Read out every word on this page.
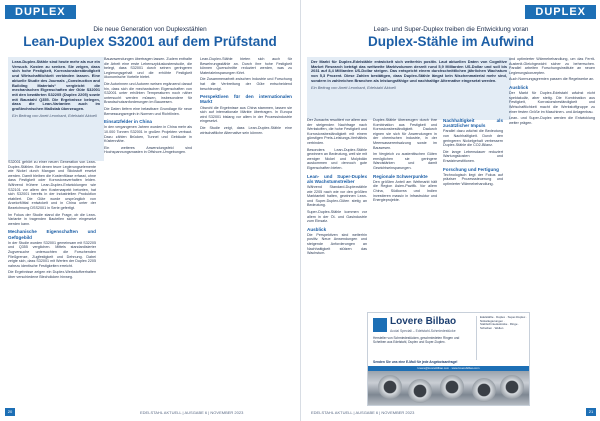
DUPLEX
Die neue Generation von Duplexstählen
Lean-Duplex S32001 auf dem Prüfstand
Lean-Duplex-Stähle sind heute mehr als nur ein Versuch. Kosten zu senken. Sie zeigen, dass sich hohe Festigkeit, Korrosionsbeständigkeit und Wirtschaftlichkeit verbinden lassen. Eine aktuelle Studie des Journals „Construction and Building Materials“ vergleicht die mechanischen Eigenschaften der Güte S32001 mit den bewährten S32205 (Duplex 2205) sowie mit Baustahl Q355. Die Ergebnisse belegen, dass die Lean-Varianten auch im großtechnischen Maßstab überzeugen.
Ein Beitrag von Anett Leonhard, Edelstahl Aktuell

S32001 gehört zu einer neuen Generation von Lean-Duplex-Stählen. Bei denen teure Legierungselemente wie Nickel durch Mangan und Stickstoff ersetzt werden. Damit bleiben die Kostenflüsse erfasst, ohne dass Festigkeit oder Korrosionsverhalten leiden. Während frühere Lean-Duplex-Entwicklungen wie S32101 vor allem den Kostenaspekt betonten, hat sich S32001 bereits in der industriellen Produktion etabliert. Die Güte wurde ursprünglich von ArcelorMittal entwickelt und in China unter der Bezeichnung DSS2001 in Serie gefertigt.

Im Fokus der Studie stand die Frage, ob die Lean-Variante in tragenden Bauteilen sicher eingesetzt werden kann.

Mechanische Eigenschaften und Gefügebild

In der Studie wurden S32001 gemeinsam mit S32205 und Q355 verglichen. Mittels standardisierter Zugversuche untersuchten die Forschenden Fließgrenze, Zugfestigkeit und Dehnung. Dabei zeigte sich, dass S32001 mit Werten der Duplex 2205 nahezu identische Festigkeiten erreicht.

Die Ergebnisse zeigen ein Duplex-Werkstoffverhalten über verschiedene Blechdicken hinweg.

Bauanwendungen übertragen lassen. Zudem enthalte die Arbeit eine erste Lebenszykluskostenstudie, die belegt, dass S32001 durch seinen geringeren Legierungsgehalt und die erhöhte Festigkeit ökonomische Vorteile bietet.

Die Autorinnen und Autoren weisen ergänzend darauf hin, dass sich die mechanischen Eigenschaften von S32001 unter erhöhten Temperaturen noch näher untersucht werden müssen, insbesondere für Brandschutzanforderungen im Bauwesen.

Die Daten liefern eine belastbare Grundlage für neue Bemessungsregeln in Normen und Richtlinien.

Einsatzfelder in China

In den vergangenen Jahren wurden in China mehr als 10.000 Tonnen S32001 in großen Projekten verbaut. Dazu zählen Brücken, Tunnel und Gebäude in Küstennähe.

Ein weiteres Anwendungsfeld sind Hochspannungsmasten in Offshore-Umgebungen.

Lean-Duplex-Stähle bieten sich auch für Bewehrungsstähle an. Durch ihre hohe Festigkeit können Querschnitte reduziert werden, was zu Materialeinsparungen führt.

Die Zusammenarbeit zwischen Industrie und Forschung hat die Verbreitung der Güte entscheidend beschleunigt.

Perspektiven für den internationalen Markt

Obwohl die Ergebnisse aus China stammen, lassen sie sich auf internationale Märkte übertragen. In Europa wird S32001 bislang vor allem in der Prozessindustrie eingesetzt.

Die Studie zeigt, dass Lean-Duplex-Stähle eine wirtschaftliche Alternative sein können.

20	EDELSTAHL AKTUELL | AUSGABE 6 | NOVEMBER 2023
DUPLEX
Lean- und Super-Duplex treiben die Entwicklung voran
Duplex-Stähle im Aufwind
Der Markt für Duplex-Edelstähle entwickelt sich weiterhin positiv. Laut aktuellen Daten von Cognitive Market Research beträgt das weltweite Marktvolumen derzeit rund 5,9 Milliarden US-Dollar und soll bis 2031 auf 8,4 Milliarden US-Dollar steigen. Das entspricht einem durchschnittlichen jährlichen Wachstum von 5,3 Prozent. Diese Zahlen bestätigen, dass Duplex-Stähle längst kein Nischenmaterial mehr sind, sondern in zahlreichen Branchen als leistungsfähige und nachhaltige Alternative eingesetzt werden.
Ein Beitrag von Anett Leonhard, Edelstahl Aktuell

Der Zuwachs resultiert vor allem aus der steigenden Nachfrage nach Werkstoffen, die hohe Festigkeit und Korrosionsbeständigkeit mit einem günstigen Preis-Leistungs-Verhältnis verbinden.

Besonders Lean-Duplex-Stähle gewinnen an Bedeutung, weil sie mit weniger Nickel und Molybdän auskommen und dennoch gute Eigenschaften bieten.

Lean- und Super-Duplex als Wachstumstreiber

Während Standard-Duplexstähle wie 2205 nach wie vor den größten Marktanteil halten, gewinnen Lean- und Super-Duplex-Güten stetig an Bedeutung.

Super-Duplex-Stähle kommen vor allem in der Öl- und Gasindustrie zum Einsatz.

Ausblick

Die Perspektiven sind weiterhin positiv. Neue Anwendungen und steigende Anforderungen an Nachhaltigkeit stützen das Wachstum.

Duplex-Stähle überzeugen durch ihre Kombination aus Festigkeit und Korrosionsbeständigkeit. Dadurch eignen sie sich für Anwendungen in der chemischen Industrie, in der Meerwasserentsalzung sowie im Bauwesen.

Im Vergleich zu austenitischen Güten ermöglichen sie geringere Wandstärken und damit Gewichtseinsparungen.

Regionale Schwerpunkte

Den größten Anteil am Weltmarkt hält die Region Asien-Pazifik. Vor allem China, Südkorea und Indien investieren massiv in Infrastruktur und Energieprojekte.

Nachhaltigkeit als zusätzlicher Impuls

Parallel dazu wächst die Bedeutung von Nachhaltigkeit. Durch den geringeren Nickelgehalt verbessern Duplex-Stähle die CO2-Bilanz.

Die lange Lebensdauer reduziert Wartungskosten und Ersatzinvestitionen.

Forschung und Fertigung

Technologisch liegt der Fokus auf präziser Prozesssteuerung und optimierter Wärmebehandlung.

und optimierter Wärmebehandlung, um das Ferrit-Austenit-Gleichgewicht sicher zu beherrschen. Parallel arbeiten Forschungsinstitute an neuen Legierungskonzepten.

Auch Normungsgremien passen die Regelwerke an.

Ausblick

Der Markt für Duplex-Edelstahl wächst nicht spektakulär, aber stetig. Die Kombination aus Festigkeit, Korrosionsbeständigkeit und Wirtschaftlichkeit macht die Werkstoffgruppe zu einer festen Größe im Maschinen- und Anlagenbau.

Lean- und Super-Duplex werden die Entwicklung weiter prägen.

Lovere Bilbao
Acciai Speciali – Edelstahl-Schmiedestücke
Hersteller von Schmiedestücken, geschmiedeten Ringen und Scheiben aus Edelstahl, Duplex und Super-Duplex.
Senden Sie uns eine E-Mail für jede Angebotsanfrage!
Edelstähle · Duplex · Super-Duplex · Nickellegierungen · Stahlschmiedestücke · Ringe · Scheiben · Wellen
lovere@loverebilbao.com · www.loverebilbao.com
EDELSTAHL AKTUELL | AUSGABE 6 | NOVEMBER 2023	21
